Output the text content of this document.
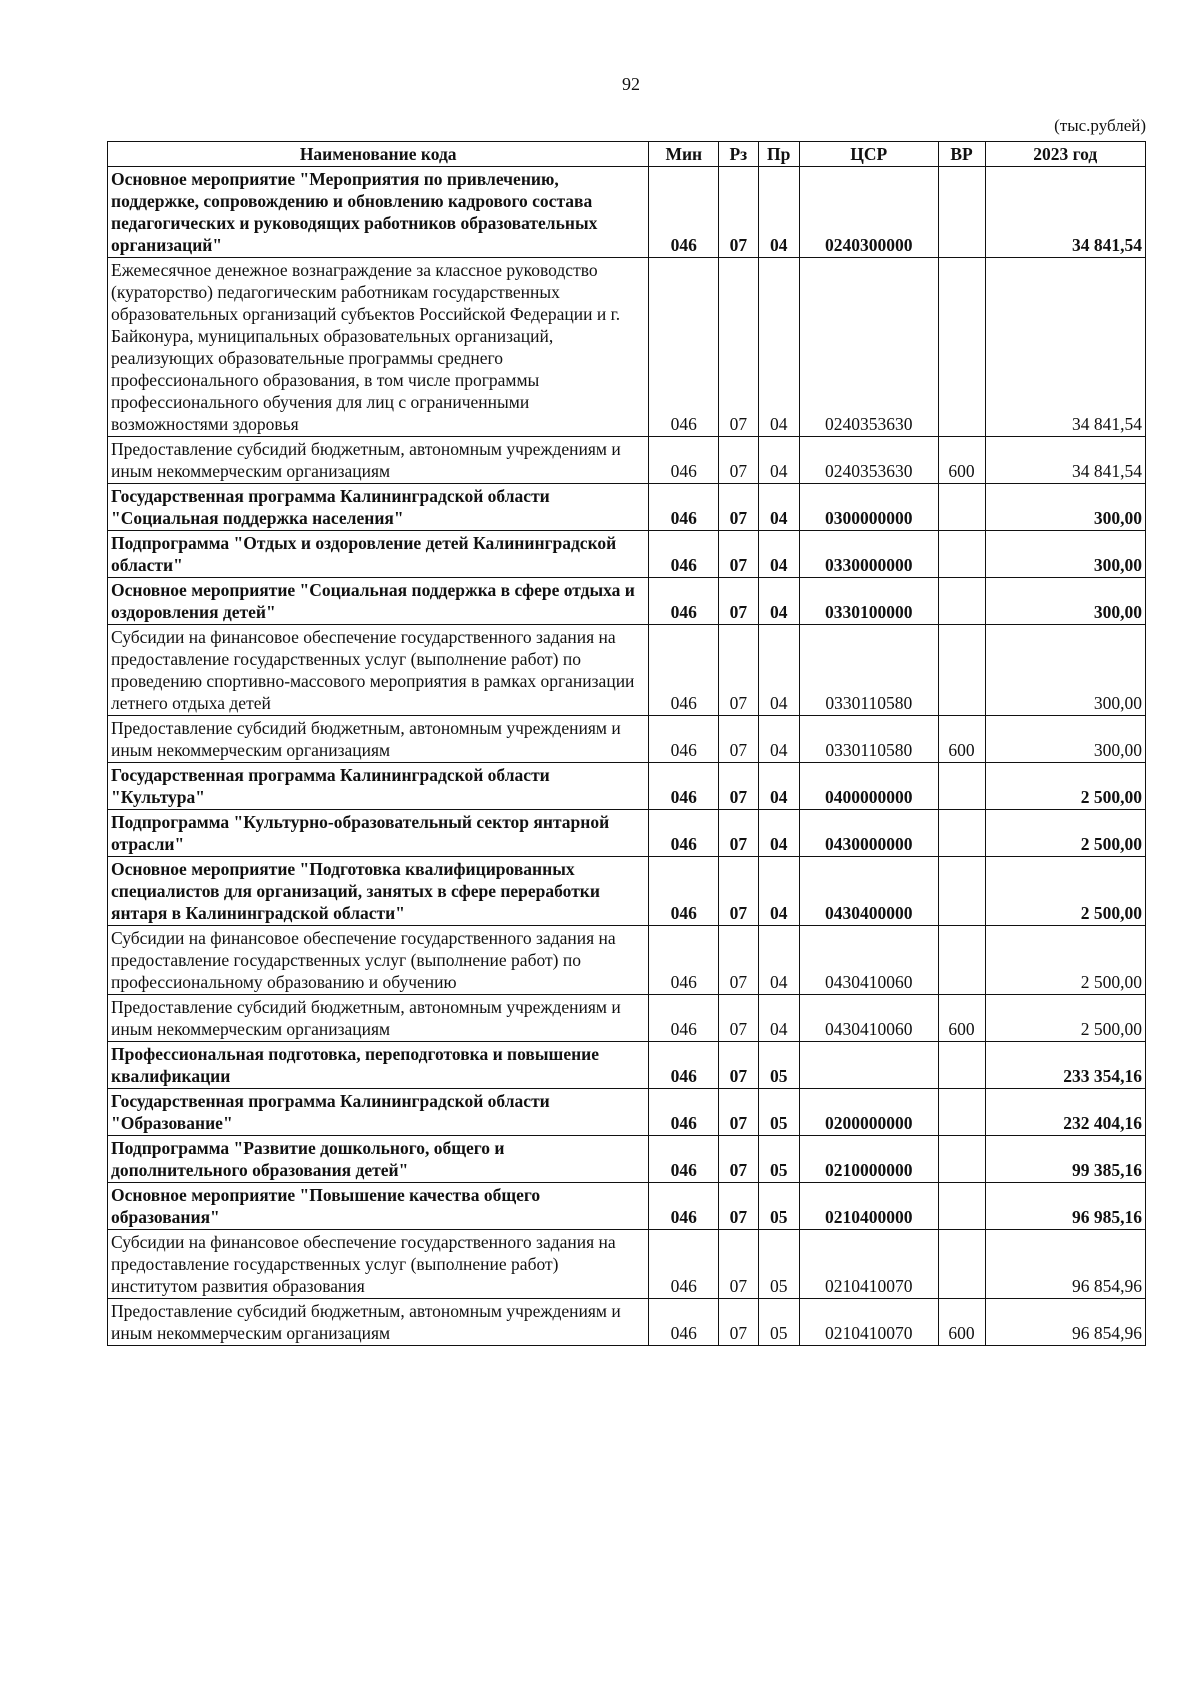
92
(тыс.рублей)
Наименование кода	Мин	Рз	Пр	ЦСР	ВР	2023 год
Основное мероприятие "Мероприятия по привлечению, поддержке, сопровождению и обновлению кадрового состава педагогических и руководящих работников образовательных организаций"	046	07	04	0240300000		34 841,54
Ежемесячное денежное вознаграждение за классное руководство (кураторство) педагогическим работникам государственных образовательных организаций субъектов Российской Федерации и г. Байконура, муниципальных образовательных организаций, реализующих образовательные программы среднего профессионального образования, в том числе программы профессионального обучения для лиц с ограниченными возможностями здоровья	046	07	04	0240353630		34 841,54
Предоставление субсидий бюджетным, автономным учреждениям и иным некоммерческим организациям	046	07	04	0240353630	600	34 841,54
Государственная программа Калининградской области "Социальная поддержка населения"	046	07	04	0300000000		300,00
Подпрограмма "Отдых и оздоровление детей Калининградской области"	046	07	04	0330000000		300,00
Основное мероприятие "Социальная поддержка в сфере отдыха и оздоровления детей"	046	07	04	0330100000		300,00
Субсидии на финансовое обеспечение государственного задания на предоставление государственных услуг (выполнение работ) по проведению спортивно-массового мероприятия в рамках организации летнего отдыха детей	046	07	04	0330110580		300,00
Предоставление субсидий бюджетным, автономным учреждениям и иным некоммерческим организациям	046	07	04	0330110580	600	300,00
Государственная программа Калининградской области "Культура"	046	07	04	0400000000		2 500,00
Подпрограмма "Культурно-образовательный сектор янтарной отрасли"	046	07	04	0430000000		2 500,00
Основное мероприятие "Подготовка квалифицированных специалистов для организаций, занятых в сфере переработки янтаря в Калининградской области"	046	07	04	0430400000		2 500,00
Субсидии на финансовое обеспечение государственного задания на предоставление государственных услуг (выполнение работ) по профессиональному образованию и обучению	046	07	04	0430410060		2 500,00
Предоставление субсидий бюджетным, автономным учреждениям и иным некоммерческим организациям	046	07	04	0430410060	600	2 500,00
Профессиональная подготовка, переподготовка и повышение квалификации	046	07	05			233 354,16
Государственная программа Калининградской области "Образование"	046	07	05	0200000000		232 404,16
Подпрограмма "Развитие дошкольного, общего и дополнительного образования детей"	046	07	05	0210000000		99 385,16
Основное мероприятие "Повышение качества общего образования"	046	07	05	0210400000		96 985,16
Субсидии на финансовое обеспечение государственного задания на предоставление государственных услуг (выполнение работ) институтом развития образования	046	07	05	0210410070		96 854,96
Предоставление субсидий бюджетным, автономным учреждениям и иным некоммерческим организациям	046	07	05	0210410070	600	96 854,96
